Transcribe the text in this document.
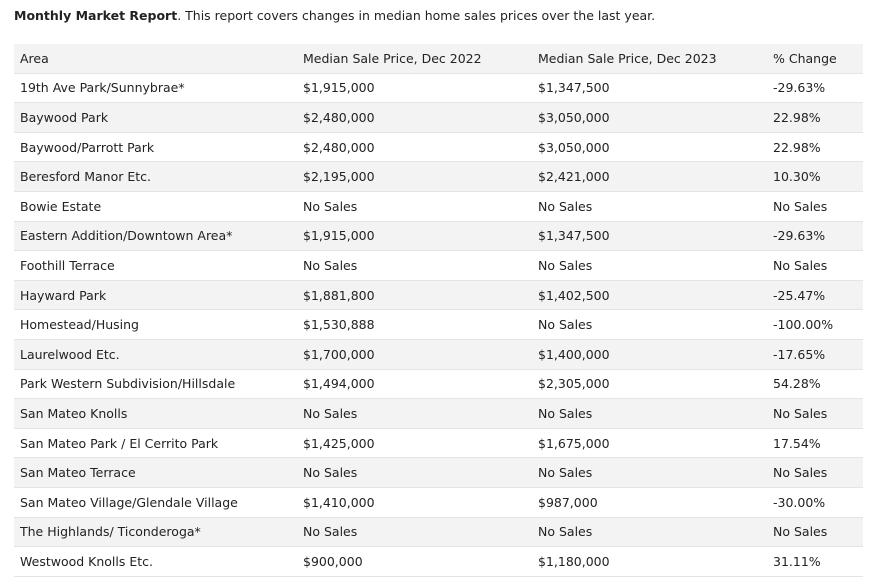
Monthly Market Report. This report covers changes in median home sales prices over the last year.
Area	Median Sale Price, Dec 2022	Median Sale Price, Dec 2023	% Change
19th Ave Park/Sunnybrae*	$1,915,000	$1,347,500	-29.63%
Baywood Park	$2,480,000	$3,050,000	22.98%
Baywood/Parrott Park	$2,480,000	$3,050,000	22.98%
Beresford Manor Etc.	$2,195,000	$2,421,000	10.30%
Bowie Estate	No Sales	No Sales	No Sales
Eastern Addition/Downtown Area*	$1,915,000	$1,347,500	-29.63%
Foothill Terrace	No Sales	No Sales	No Sales
Hayward Park	$1,881,800	$1,402,500	-25.47%
Homestead/Husing	$1,530,888	No Sales	-100.00%
Laurelwood Etc.	$1,700,000	$1,400,000	-17.65%
Park Western Subdivision/Hillsdale	$1,494,000	$2,305,000	54.28%
San Mateo Knolls	No Sales	No Sales	No Sales
San Mateo Park / El Cerrito Park	$1,425,000	$1,675,000	17.54%
San Mateo Terrace	No Sales	No Sales	No Sales
San Mateo Village/Glendale Village	$1,410,000	$987,000	-30.00%
The Highlands/ Ticonderoga*	No Sales	No Sales	No Sales
Westwood Knolls Etc.	$900,000	$1,180,000	31.11%
